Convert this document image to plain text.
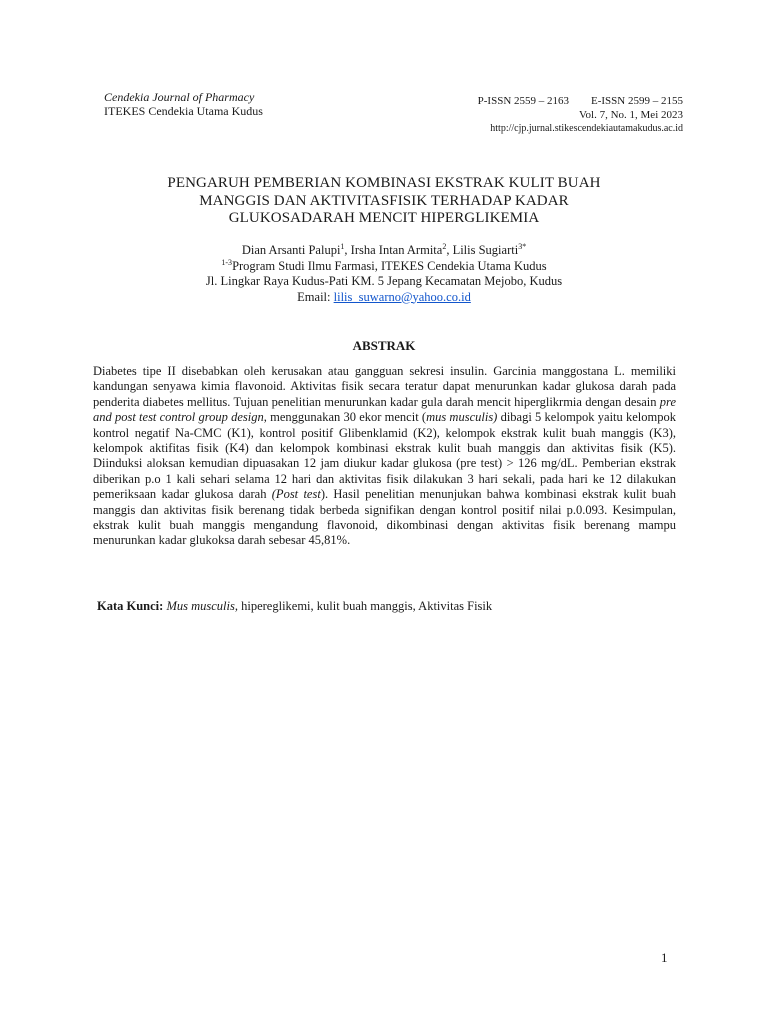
Cendekia Journal of Pharmacy
ITEKES Cendekia Utama Kudus
P-ISSN 2559 – 2163 E-ISSN 2599 – 2155
Vol. 7, No. 1, Mei 2023
http://cjp.jurnal.stikescendekiautamakudus.ac.id
PENGARUH PEMBERIAN KOMBINASI EKSTRAK KULIT BUAH
MANGGIS DAN AKTIVITASFISIK TERHADAP KADAR
GLUKOSADARAH MENCIT HIPERGLIKEMIA
Dian Arsanti Palupi$^1$, Irsha Intan Armita$^2$, Lilis Sugiarti$^{3*}$
$^{1-3}$Program Studi Ilmu Farmasi, ITEKES Cendekia Utama Kudus
Jl. Lingkar Raya Kudus-Pati KM. 5 Jepang Kecamatan Mejobo, Kudus
Email: lilis_suwarno@yahoo.co.id
ABSTRAK

Diabetes tipe II disebabkan oleh kerusakan atau gangguan sekresi insulin. Garcinia manggostana L. memiliki kandungan senyawa kimia flavonoid. Aktivitas fisik secara teratur dapat menurunkan kadar glukosa darah pada penderita diabetes mellitus. Tujuan penelitian menurunkan kadar gula darah mencit hiperglikrmia dengan desain pre and post test control group design, menggunakan 30 ekor mencit (mus musculis) dibagi 5 kelompok yaitu kelompok kontrol negatif Na-CMC (K1), kontrol positif Glibenklamid (K2), kelompok ekstrak kulit buah manggis (K3), kelompok aktifitas fisik (K4) dan kelompok kombinasi ekstrak kulit buah manggis dan aktivitas fisik (K5). Diinduksi aloksan kemudian dipuasakan 12 jam diukur kadar glukosa (pre test) > 126 mg/dL. Pemberian ekstrak diberikan p.o 1 kali sehari selama 12 hari dan aktivitas fisik dilakukan 3 hari sekali, pada hari ke 12 dilakukan pemeriksaan kadar glukosa darah (Post test). Hasil penelitian menunjukan bahwa kombinasi ekstrak kulit buah manggis dan aktivitas fisik berenang tidak berbeda signifikan dengan kontrol positif nilai p.0.093. Kesimpulan, ekstrak kulit buah manggis mengandung flavonoid, dikombinasi dengan aktivitas fisik berenang mampu menurunkan kadar glukoksa darah sebesar 45,81%.

Kata Kunci: Mus musculis, hipereglikemi, kulit buah manggis, Aktivitas Fisik
1
